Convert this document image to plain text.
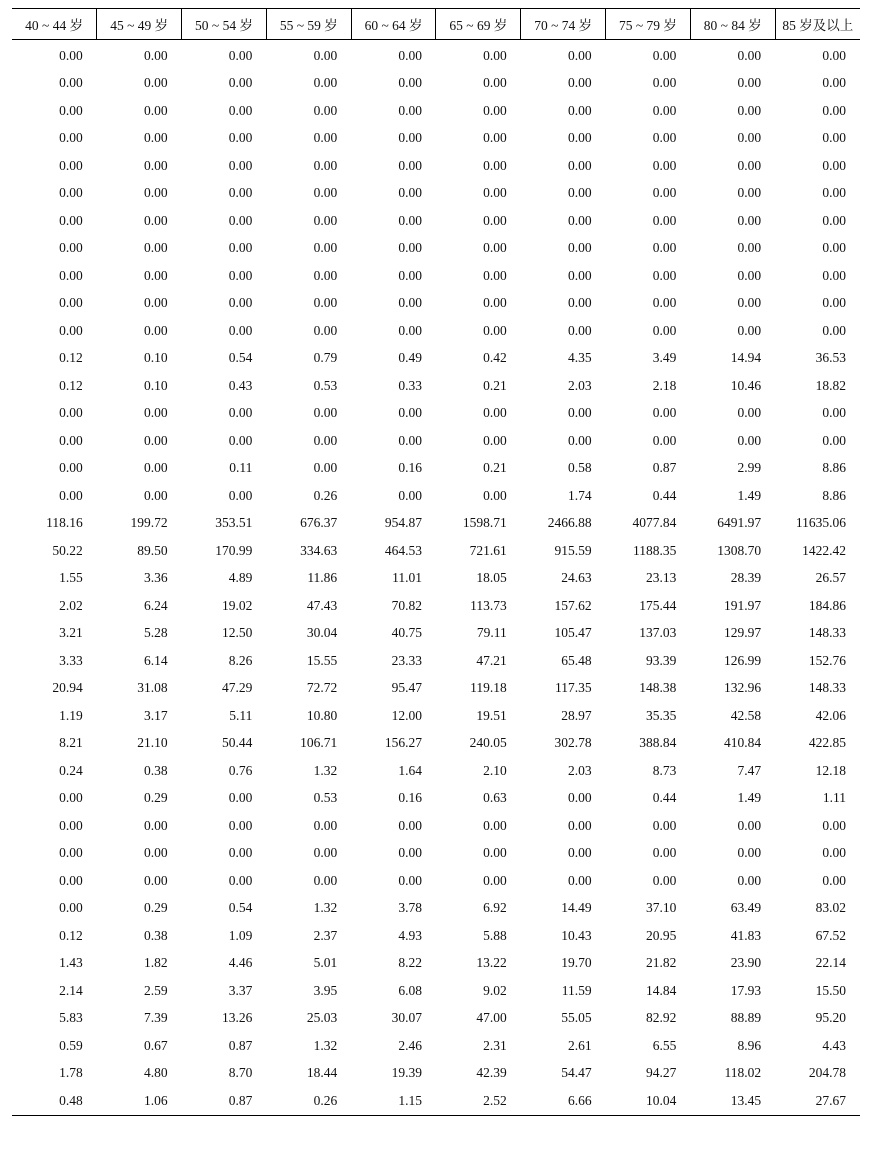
40 ~ 44 岁	45 ~ 49 岁	50 ~ 54 岁	55 ~ 59 岁	60 ~ 64 岁	65 ~ 69 岁	70 ~ 74 岁	75 ~ 79 岁	80 ~ 84 岁	85 岁及以上
0.00	0.00	0.00	0.00	0.00	0.00	0.00	0.00	0.00	0.00
0.00	0.00	0.00	0.00	0.00	0.00	0.00	0.00	0.00	0.00
0.00	0.00	0.00	0.00	0.00	0.00	0.00	0.00	0.00	0.00
0.00	0.00	0.00	0.00	0.00	0.00	0.00	0.00	0.00	0.00
0.00	0.00	0.00	0.00	0.00	0.00	0.00	0.00	0.00	0.00
0.00	0.00	0.00	0.00	0.00	0.00	0.00	0.00	0.00	0.00
0.00	0.00	0.00	0.00	0.00	0.00	0.00	0.00	0.00	0.00
0.00	0.00	0.00	0.00	0.00	0.00	0.00	0.00	0.00	0.00
0.00	0.00	0.00	0.00	0.00	0.00	0.00	0.00	0.00	0.00
0.00	0.00	0.00	0.00	0.00	0.00	0.00	0.00	0.00	0.00
0.00	0.00	0.00	0.00	0.00	0.00	0.00	0.00	0.00	0.00
0.12	0.10	0.54	0.79	0.49	0.42	4.35	3.49	14.94	36.53
0.12	0.10	0.43	0.53	0.33	0.21	2.03	2.18	10.46	18.82
0.00	0.00	0.00	0.00	0.00	0.00	0.00	0.00	0.00	0.00
0.00	0.00	0.00	0.00	0.00	0.00	0.00	0.00	0.00	0.00
0.00	0.00	0.11	0.00	0.16	0.21	0.58	0.87	2.99	8.86
0.00	0.00	0.00	0.26	0.00	0.00	1.74	0.44	1.49	8.86
118.16	199.72	353.51	676.37	954.87	1598.71	2466.88	4077.84	6491.97	11635.06
50.22	89.50	170.99	334.63	464.53	721.61	915.59	1188.35	1308.70	1422.42
1.55	3.36	4.89	11.86	11.01	18.05	24.63	23.13	28.39	26.57
2.02	6.24	19.02	47.43	70.82	113.73	157.62	175.44	191.97	184.86
3.21	5.28	12.50	30.04	40.75	79.11	105.47	137.03	129.97	148.33
3.33	6.14	8.26	15.55	23.33	47.21	65.48	93.39	126.99	152.76
20.94	31.08	47.29	72.72	95.47	119.18	117.35	148.38	132.96	148.33
1.19	3.17	5.11	10.80	12.00	19.51	28.97	35.35	42.58	42.06
8.21	21.10	50.44	106.71	156.27	240.05	302.78	388.84	410.84	422.85
0.24	0.38	0.76	1.32	1.64	2.10	2.03	8.73	7.47	12.18
0.00	0.29	0.00	0.53	0.16	0.63	0.00	0.44	1.49	1.11
0.00	0.00	0.00	0.00	0.00	0.00	0.00	0.00	0.00	0.00
0.00	0.00	0.00	0.00	0.00	0.00	0.00	0.00	0.00	0.00
0.00	0.00	0.00	0.00	0.00	0.00	0.00	0.00	0.00	0.00
0.00	0.29	0.54	1.32	3.78	6.92	14.49	37.10	63.49	83.02
0.12	0.38	1.09	2.37	4.93	5.88	10.43	20.95	41.83	67.52
1.43	1.82	4.46	5.01	8.22	13.22	19.70	21.82	23.90	22.14
2.14	2.59	3.37	3.95	6.08	9.02	11.59	14.84	17.93	15.50
5.83	7.39	13.26	25.03	30.07	47.00	55.05	82.92	88.89	95.20
0.59	0.67	0.87	1.32	2.46	2.31	2.61	6.55	8.96	4.43
1.78	4.80	8.70	18.44	19.39	42.39	54.47	94.27	118.02	204.78
0.48	1.06	0.87	0.26	1.15	2.52	6.66	10.04	13.45	27.67
